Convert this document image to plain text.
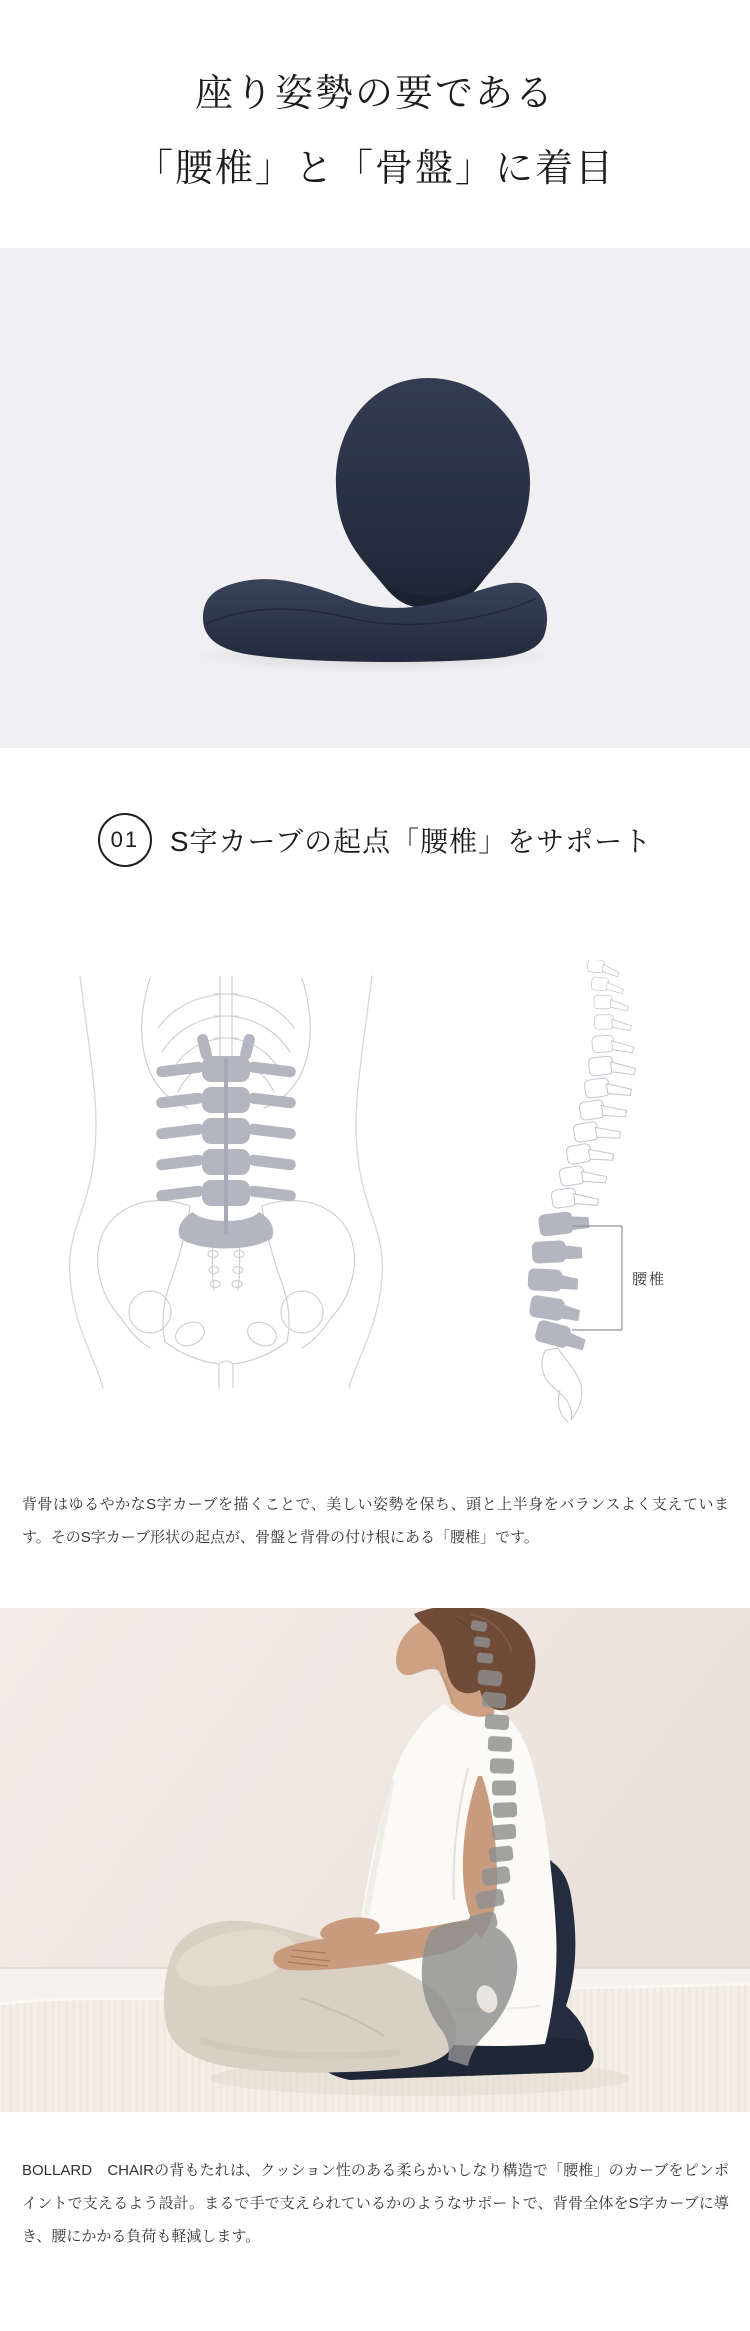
座り姿勢の要である
「腰椎」と「骨盤」に着目
01	S字カーブの起点「腰椎」をサポート
腰椎

背骨はゆるやかなS字カーブを描くことで、美しい姿勢を保ち、頭と上半身をバランスよく支えています。そのS字カーブ形状の起点が、骨盤と背骨の付け根にある「腰椎」です。

BOLLARD　CHAIRの背もたれは、クッション性のある柔らかいしなり構造で「腰椎」のカーブをピンポイントで支えるよう設計。まるで手で支えられているかのようなサポートで、背骨全体をS字カーブに導き、腰にかかる負荷も軽減します。
